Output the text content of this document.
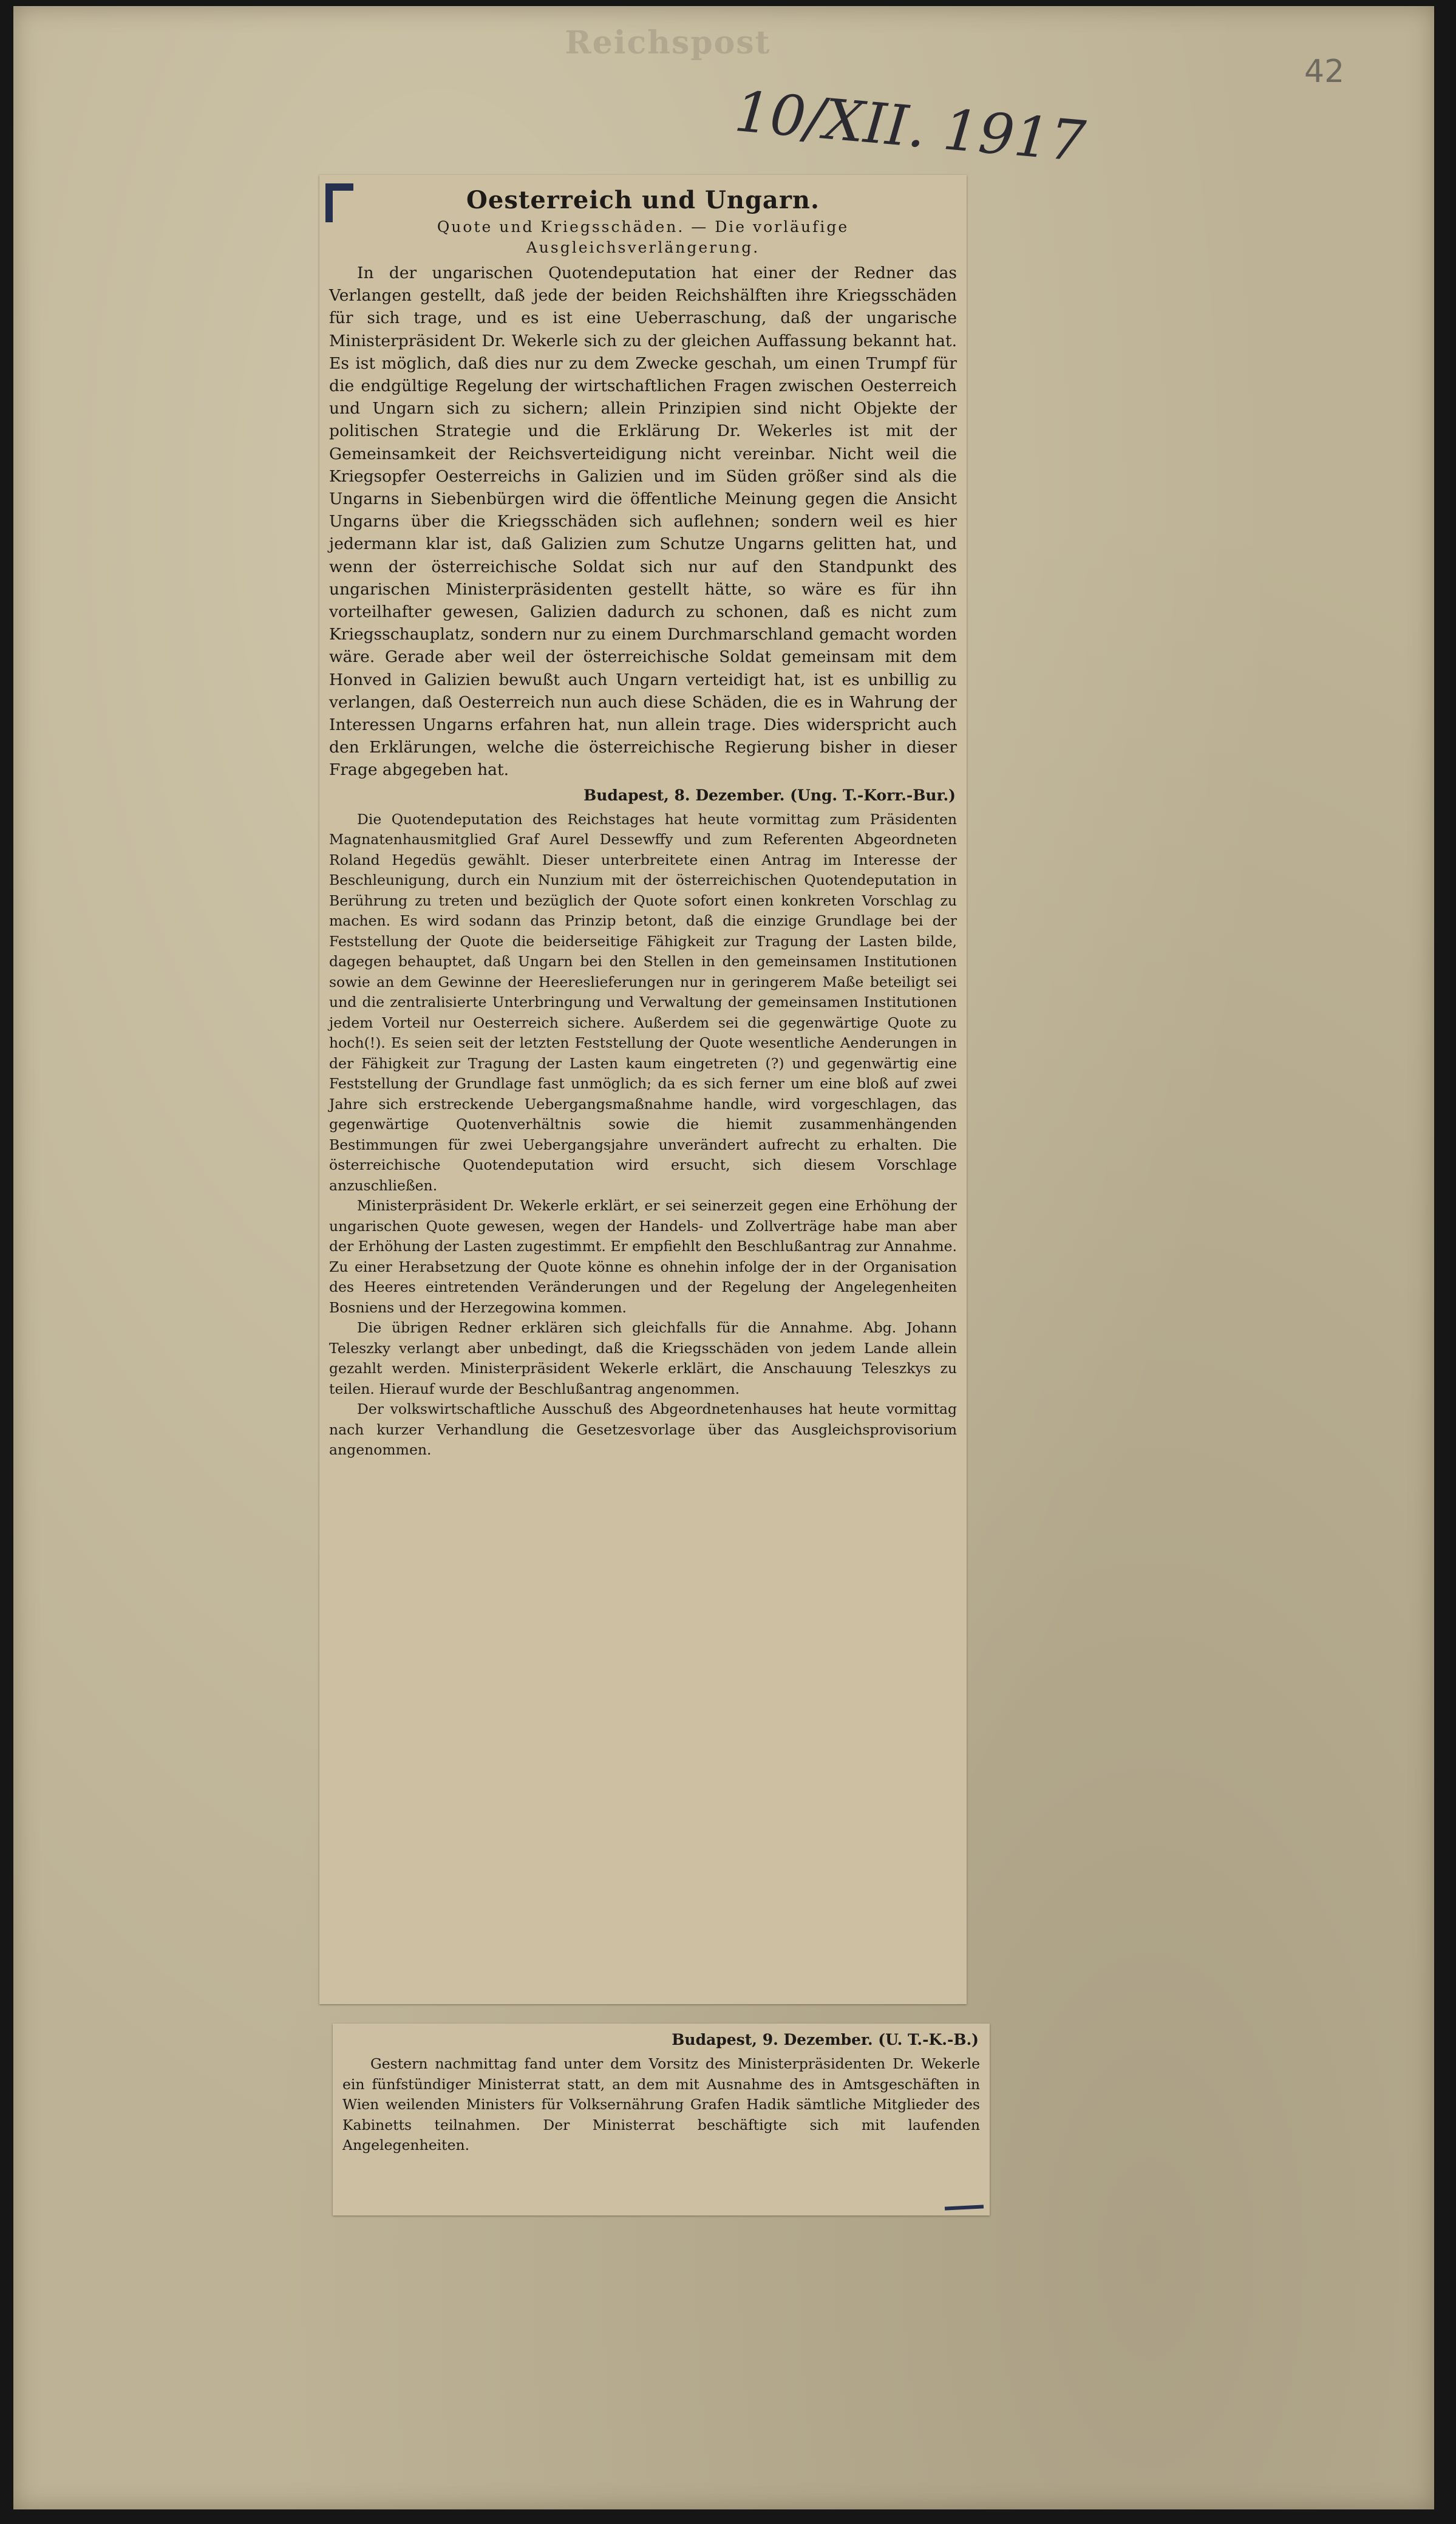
Reichspost
10/XII. 1917
42
Oesterreich und Ungarn.
Quote und Kriegsschäden. — Die vorläufige Ausgleichsverlängerung.

In der ungarischen Quotendeputation hat einer der Redner das Verlangen gestellt, daß jede der beiden Reichshälften ihre Kriegsschäden für sich trage, und es ist eine Ueberraschung, daß der ungarische Ministerpräsident Dr. Wekerle sich zu der gleichen Auffassung bekannt hat. Es ist möglich, daß dies nur zu dem Zwecke geschah, um einen Trumpf für die endgültige Regelung der wirtschaftlichen Fragen zwischen Oesterreich und Ungarn sich zu sichern; allein Prinzipien sind nicht Objekte der politischen Strategie und die Erklärung Dr. Wekerles ist mit der Gemeinsamkeit der Reichsverteidigung nicht vereinbar. Nicht weil die Kriegsopfer Oesterreichs in Galizien und im Süden größer sind als die Ungarns in Siebenbürgen wird die öffentliche Meinung gegen die Ansicht Ungarns über die Kriegsschäden sich auflehnen; sondern weil es hier jedermann klar ist, daß Galizien zum Schutze Ungarns gelitten hat, und wenn der österreichische Soldat sich nur auf den Standpunkt des ungarischen Ministerpräsidenten gestellt hätte, so wäre es für ihn vorteilhafter gewesen, Galizien dadurch zu schonen, daß es nicht zum Kriegsschauplatz, sondern nur zu einem Durchmarschland gemacht worden wäre. Gerade aber weil der österreichische Soldat gemeinsam mit dem Honved in Galizien bewußt auch Ungarn verteidigt hat, ist es unbillig zu verlangen, daß Oesterreich nun auch diese Schäden, die es in Wahrung der Interessen Ungarns erfahren hat, nun allein trage. Dies widerspricht auch den Erklärungen, welche die österreichische Regierung bisher in dieser Frage abgegeben hat.

Budapest, 8. Dezember. (Ung. T.-Korr.-Bur.)

Die Quotendeputation des Reichstages hat heute vormittag zum Präsidenten Magnatenhausmitglied Graf Aurel Dessewffy und zum Referenten Abgeordneten Roland Hegedüs gewählt. Dieser unterbreitete einen Antrag im Interesse der Beschleunigung, durch ein Nunzium mit der österreichischen Quotendeputation in Berührung zu treten und bezüglich der Quote sofort einen konkreten Vorschlag zu machen. Es wird sodann das Prinzip betont, daß die einzige Grundlage bei der Feststellung der Quote die beiderseitige Fähigkeit zur Tragung der Lasten bilde, dagegen behauptet, daß Ungarn bei den Stellen in den gemeinsamen Institutionen sowie an dem Gewinne der Heereslieferungen nur in geringerem Maße beteiligt sei und die zentralisierte Unterbringung und Verwaltung der gemeinsamen Institutionen jedem Vorteil nur Oesterreich sichere. Außerdem sei die gegenwärtige Quote zu hoch(!). Es seien seit der letzten Feststellung der Quote wesentliche Aenderungen in der Fähigkeit zur Tragung der Lasten kaum eingetreten (?) und gegenwärtig eine Feststellung der Grundlage fast unmöglich; da es sich ferner um eine bloß auf zwei Jahre sich erstreckende Uebergangsmaßnahme handle, wird vorgeschlagen, das gegenwärtige Quotenverhältnis sowie die hiemit zusammenhängenden Bestimmungen für zwei Uebergangsjahre unverändert aufrecht zu erhalten. Die österreichische Quotendeputation wird ersucht, sich diesem Vorschlage anzuschließen.

Ministerpräsident Dr. Wekerle erklärt, er sei seinerzeit gegen eine Erhöhung der ungarischen Quote gewesen, wegen der Handels- und Zollverträge habe man aber der Erhöhung der Lasten zugestimmt. Er empfiehlt den Beschlußantrag zur Annahme. Zu einer Herabsetzung der Quote könne es ohnehin infolge der in der Organisation des Heeres eintretenden Veränderungen und der Regelung der Angelegenheiten Bosniens und der Herzegowina kommen.

Die übrigen Redner erklären sich gleichfalls für die Annahme. Abg. Johann Teleszky verlangt aber unbedingt, daß die Kriegsschäden von jedem Lande allein gezahlt werden. Ministerpräsident Wekerle erklärt, die Anschauung Teleszkys zu teilen. Hierauf wurde der Beschlußantrag angenommen.

Der volkswirtschaftliche Ausschuß des Abgeordnetenhauses hat heute vormittag nach kurzer Verhandlung die Gesetzesvorlage über das Ausgleichsprovisorium angenommen.

Budapest, 9. Dezember. (U. T.-K.-B.)

Gestern nachmittag fand unter dem Vorsitz des Ministerpräsidenten Dr. Wekerle ein fünfstündiger Ministerrat statt, an dem mit Ausnahme des in Amtsgeschäften in Wien weilenden Ministers für Volksernährung Grafen Hadik sämtliche Mitglieder des Kabinetts teilnahmen. Der Ministerrat beschäftigte sich mit laufenden Angelegenheiten.
